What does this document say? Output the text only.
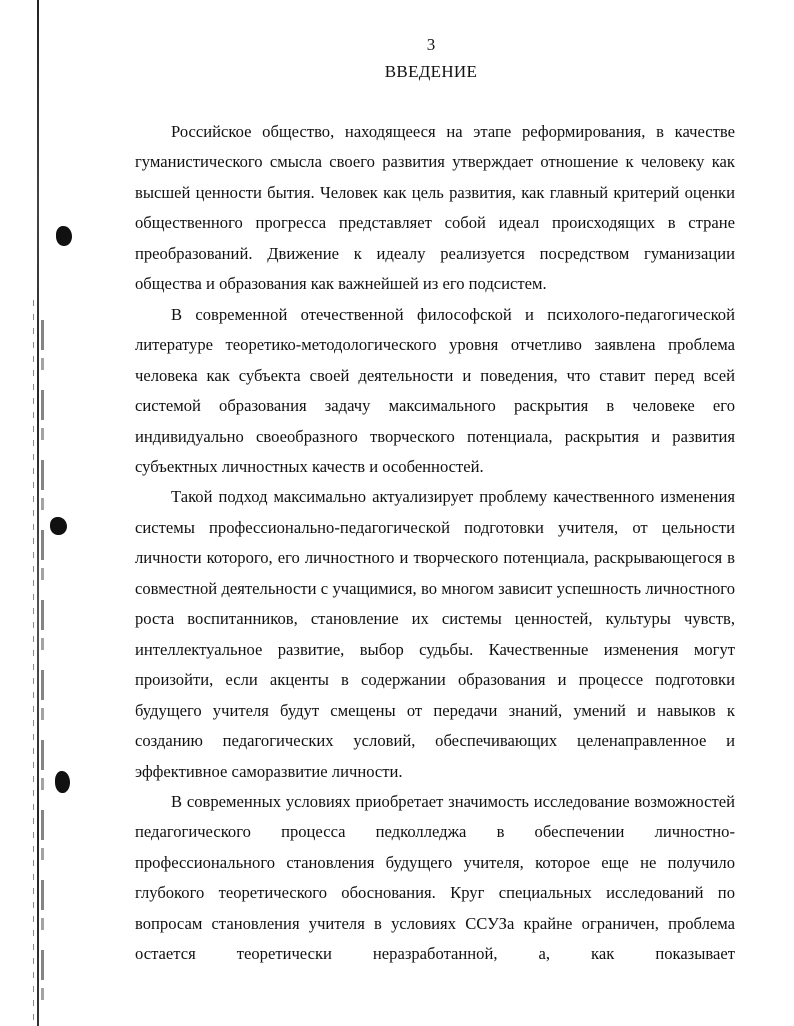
3
ВВЕДЕНИЕ

Российское общество, находящееся на этапе реформирования, в качестве гуманистического смысла своего развития утверждает отношение к человеку как высшей ценности бытия. Человек как цель развития, как главный критерий оценки общественного прогресса представляет собой идеал происходящих в стране преобразований. Движение к идеалу реализуется посредством гуманизации общества и образования как важнейшей из его подсистем.

В современной отечественной философской и психолого-педагогической литературе теоретико-методологического уровня отчетливо заявлена проблема человека как субъекта своей деятельности и поведения, что ставит перед всей системой образования задачу максимального раскрытия в человеке его индивидуально своеобразного творческого потенциала, раскрытия и развития субъектных личностных качеств и особенностей.

Такой подход максимально актуализирует проблему качественного изменения системы профессионально-педагогической подготовки учителя, от цельности личности которого, его личностного и творческого потенциала, раскрывающегося в совместной деятельности с учащимися, во многом зависит успешность личностного роста воспитанников, становление их системы ценностей, культуры чувств, интеллектуальное развитие, выбор судьбы. Качественные изменения могут произойти, если акценты в содержании образования и процессе подготовки будущего учителя будут смещены от передачи знаний, умений и навыков к созданию педагогических условий, обеспечивающих целенаправленное и эффективное саморазвитие личности.

В современных условиях приобретает значимость исследование возможностей педагогического процесса педколледжа в обеспечении личностно-профессионального становления будущего учителя, которое еще не получило глубокого теоретического обоснования. Круг специальных исследований по вопросам становления учителя в условиях ССУЗа крайне ограничен, проблема остается теоретически неразработанной, а, как показывает
